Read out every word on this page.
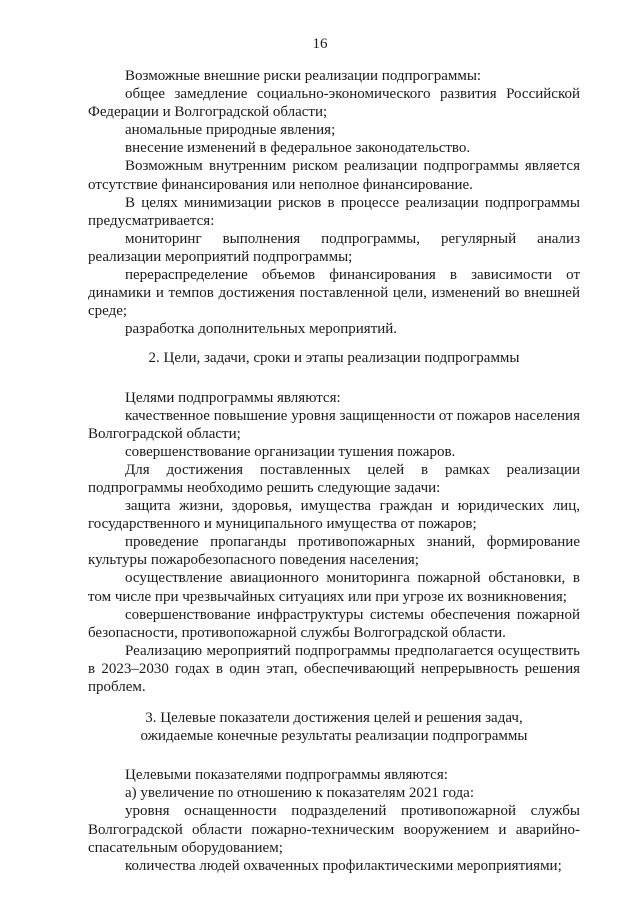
16

Возможные внешние риски реализации подпрограммы:

общее замедление социально-экономического развития Российской Федерации и Волгоградской области;

аномальные природные явления;

внесение изменений в федеральное законодательство.

Возможным внутренним риском реализации подпрограммы является отсутствие финансирования или неполное финансирование.

В целях минимизации рисков в процессе реализации подпрограммы предусматривается:

мониторинг выполнения подпрограммы, регулярный анализ реализации мероприятий подпрограммы;

перераспределение объемов финансирования в зависимости от динамики и темпов достижения поставленной цели, изменений во внешней среде;

разработка дополнительных мероприятий.

2. Цели, задачи, сроки и этапы реализации подпрограммы

Целями подпрограммы являются:

качественное повышение уровня защищенности от пожаров населения Волгоградской области;

совершенствование организации тушения пожаров.

Для достижения поставленных целей в рамках реализации подпрограммы необходимо решить следующие задачи:

защита жизни, здоровья, имущества граждан и юридических лиц, государственного и муниципального имущества от пожаров;

проведение пропаганды противопожарных знаний, формирование культуры пожаробезопасного поведения населения;

осуществление авиационного мониторинга пожарной обстановки, в том числе при чрезвычайных ситуациях или при угрозе их возникновения;

совершенствование инфраструктуры системы обеспечения пожарной безопасности, противопожарной службы Волгоградской области.

Реализацию мероприятий подпрограммы предполагается осуществить в 2023–2030 годах в один этап, обеспечивающий непрерывность решения проблем.

3. Целевые показатели достижения целей и решения задач,

ожидаемые конечные результаты реализации подпрограммы

Целевыми показателями подпрограммы являются:

а) увеличение по отношению к показателям 2021 года:

уровня оснащенности подразделений противопожарной службы Волгоградской области пожарно-техническим вооружением и аварийно-спасательным оборудованием;

количества людей охваченных профилактическими мероприятиями;
